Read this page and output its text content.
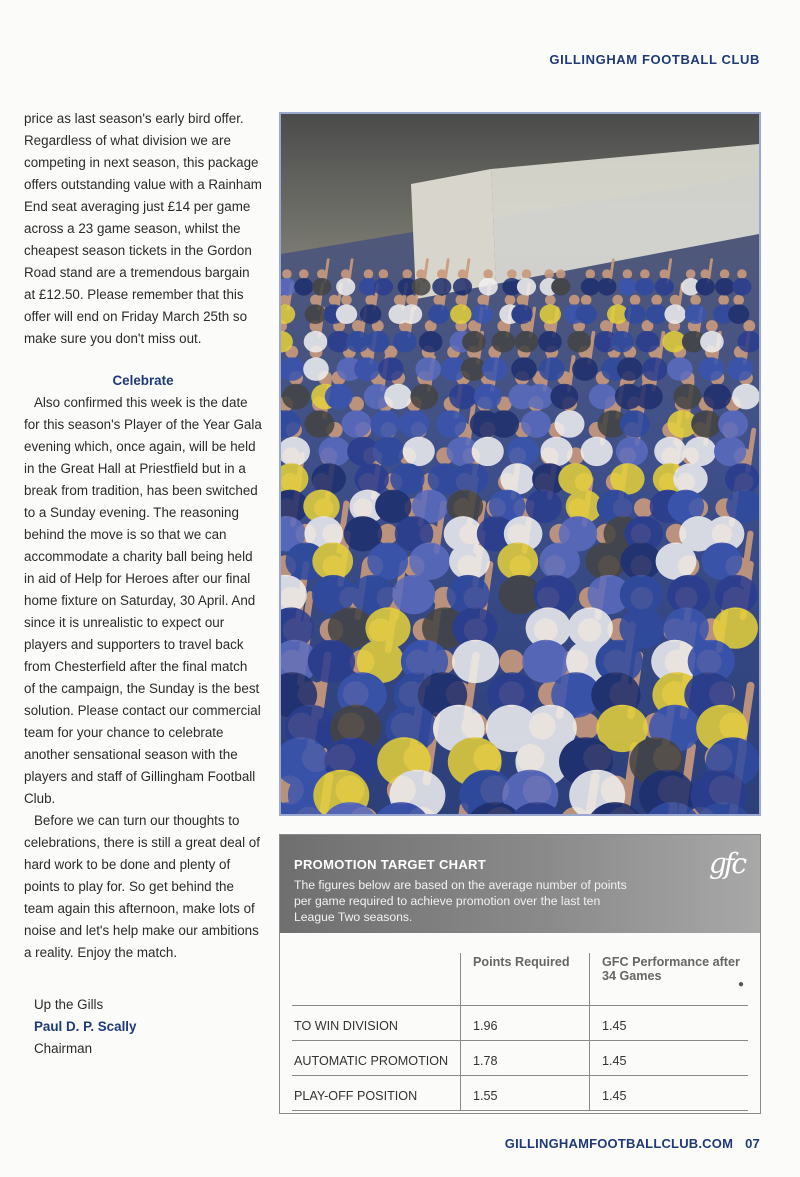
GILLINGHAM FOOTBALL CLUB

price as last season's early bird offer. Regardless of what division we are competing in next season, this package offers outstanding value with a Rainham End seat averaging just £14 per game across a 23 game season, whilst the cheapest season tickets in the Gordon Road stand are a tremendous bargain at £12.50. Please remember that this offer will end on Friday March 25th so make sure you don't miss out.

Celebrate

Also confirmed this week is the date for this season's Player of the Year Gala evening which, once again, will be held in the Great Hall at Priestfield but in a break from tradition, has been switched to a Sunday evening. The reasoning behind the move is so that we can accommodate a charity ball being held in aid of Help for Heroes after our final home fixture on Saturday, 30 April. And since it is unrealistic to expect our players and supporters to travel back from Chesterfield after the final match of the campaign, the Sunday is the best solution. Please contact our commercial team for your chance to celebrate another sensational season with the players and staff of Gillingham Football Club.

Before we can turn our thoughts to celebrations, there is still a great deal of hard work to be done and plenty of points to play for. So get behind the team again this afternoon, make lots of noise and let's help make our ambitions a reality. Enjoy the match.

Up the Gills
Paul D. P. Scally
Chairman
PROMOTION TARGET CHART
The figures below are based on the average number of points per game required to achieve promotion over the last ten League Two seasons.
gfc
	Points Required	GFC Performance after 34 Games
●

TO WIN DIVISION	1.96	1.45
AUTOMATIC PROMOTION	1.78	1.45
PLAY-OFF POSITION	1.55	1.45
GILLINGHAMFOOTBALLCLUB.COM 07
